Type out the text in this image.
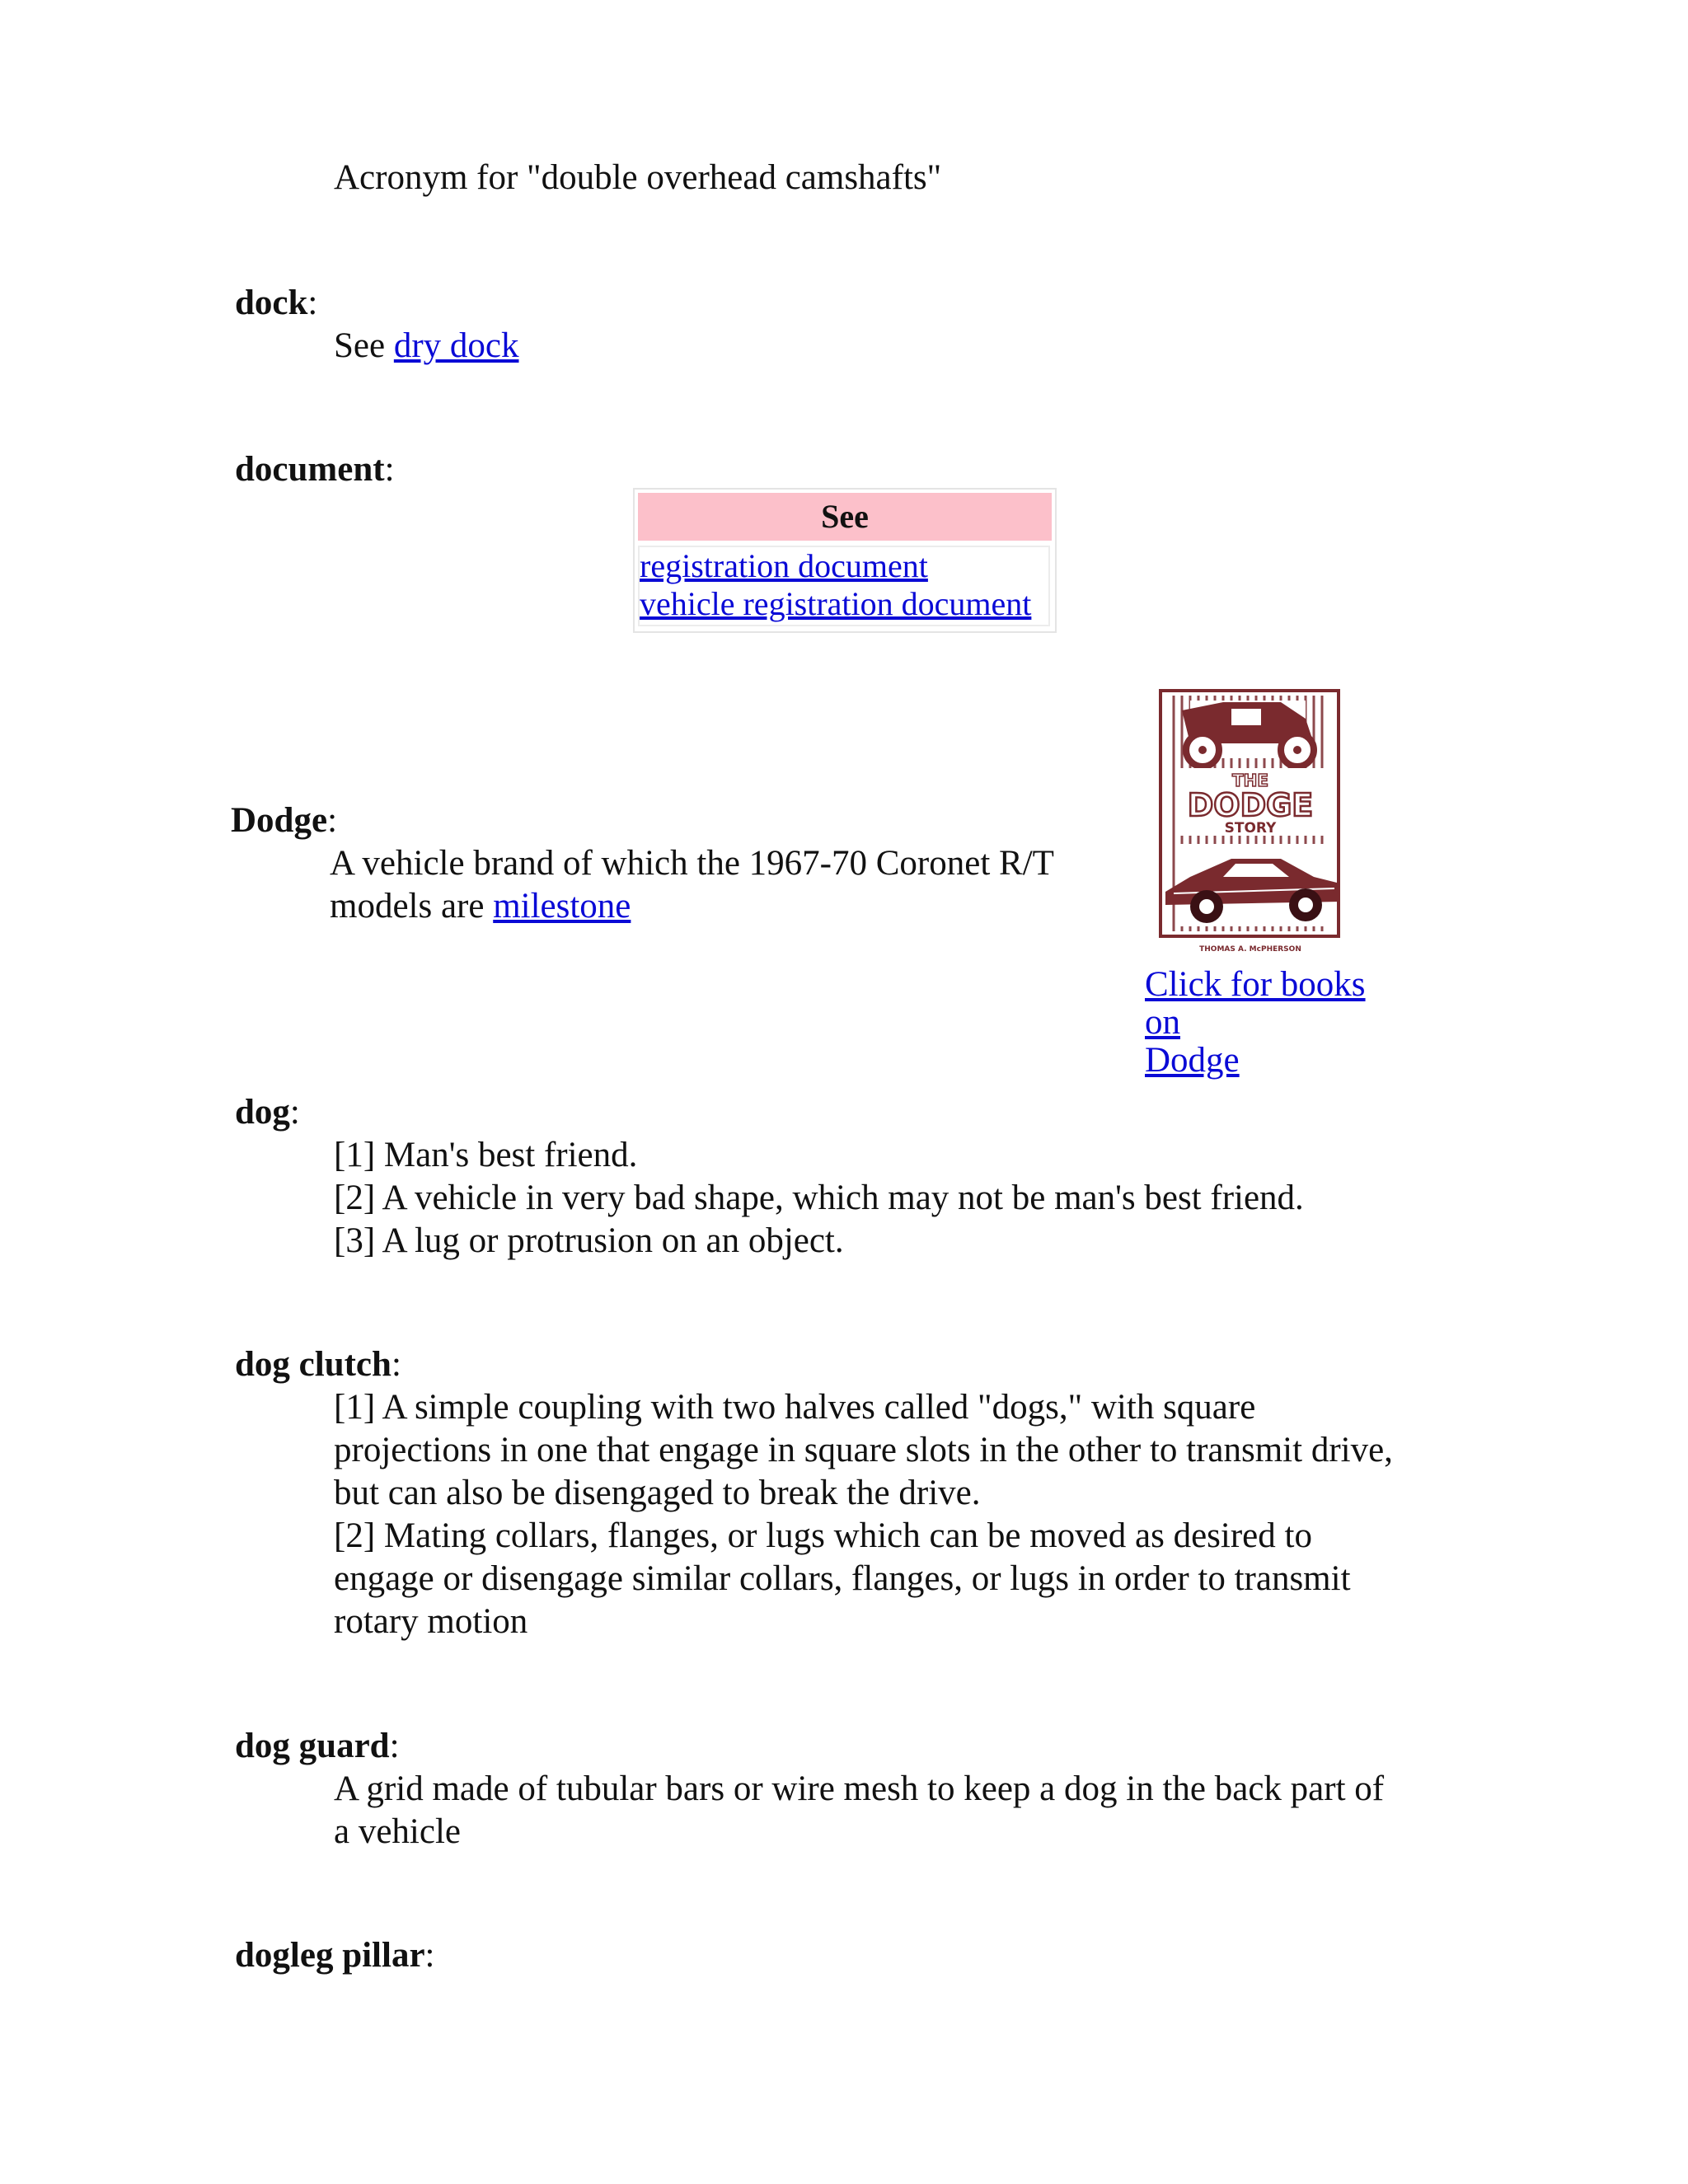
Acronym for "double overhead camshafts"
dock:
See dry dock
document:
See
registration document
vehicle registration document
Dodge:
A vehicle brand of which the 1967-70 Coronet R/T
models are milestone
THE
DODGE
STORY
THOMAS A. McPHERSON
Click for books on
Dodge
dog:
[1] Man's best friend.
[2] A vehicle in very bad shape, which may not be man's best friend.
[3] A lug or protrusion on an object.
dog clutch:
[1] A simple coupling with two halves called "dogs," with square
projections in one that engage in square slots in the other to transmit drive,
but can also be disengaged to break the drive.
[2] Mating collars, flanges, or lugs which can be moved as desired to
engage or disengage similar collars, flanges, or lugs in order to transmit
rotary motion
dog guard:
A grid made of tubular bars or wire mesh to keep a dog in the back part of
a vehicle
dogleg pillar:
